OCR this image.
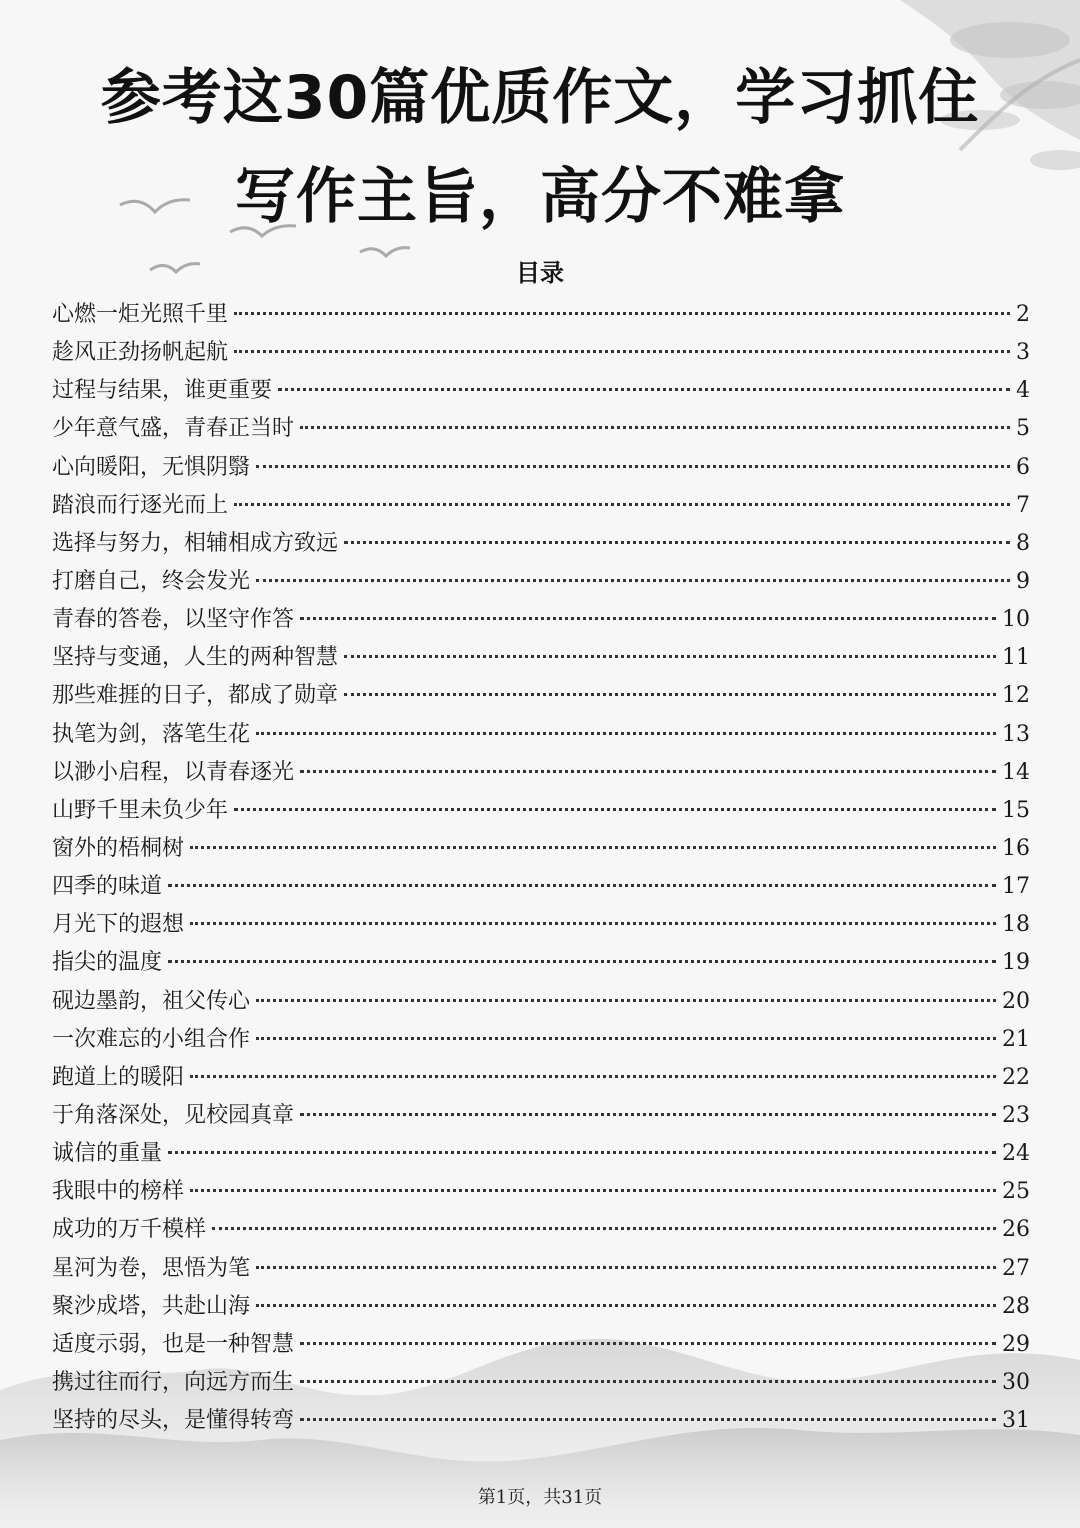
参考这30篇优质作文，学习抓住
写作主旨，高分不难拿
目录
心燃一炬光照千里	2
趁风正劲扬帆起航	3
过程与结果，谁更重要	4
少年意气盛，青春正当时	5
心向暖阳，无惧阴翳	6
踏浪而行逐光而上	7
选择与努力，相辅相成方致远	8
打磨自己，终会发光	9
青春的答卷，以坚守作答	10
坚持与变通，人生的两种智慧	11
那些难捱的日子，都成了勋章	12
执笔为剑，落笔生花	13
以渺小启程，以青春逐光	14
山野千里未负少年	15
窗外的梧桐树	16
四季的味道	17
月光下的遐想	18
指尖的温度	19
砚边墨韵，祖父传心	20
一次难忘的小组合作	21
跑道上的暖阳	22
于角落深处，见校园真章	23
诚信的重量	24
我眼中的榜样	25
成功的万千模样	26
星河为卷，思悟为笔	27
聚沙成塔，共赴山海	28
适度示弱，也是一种智慧	29
携过往而行，向远方而生	30
坚持的尽头，是懂得转弯	31
第1页，共31页
